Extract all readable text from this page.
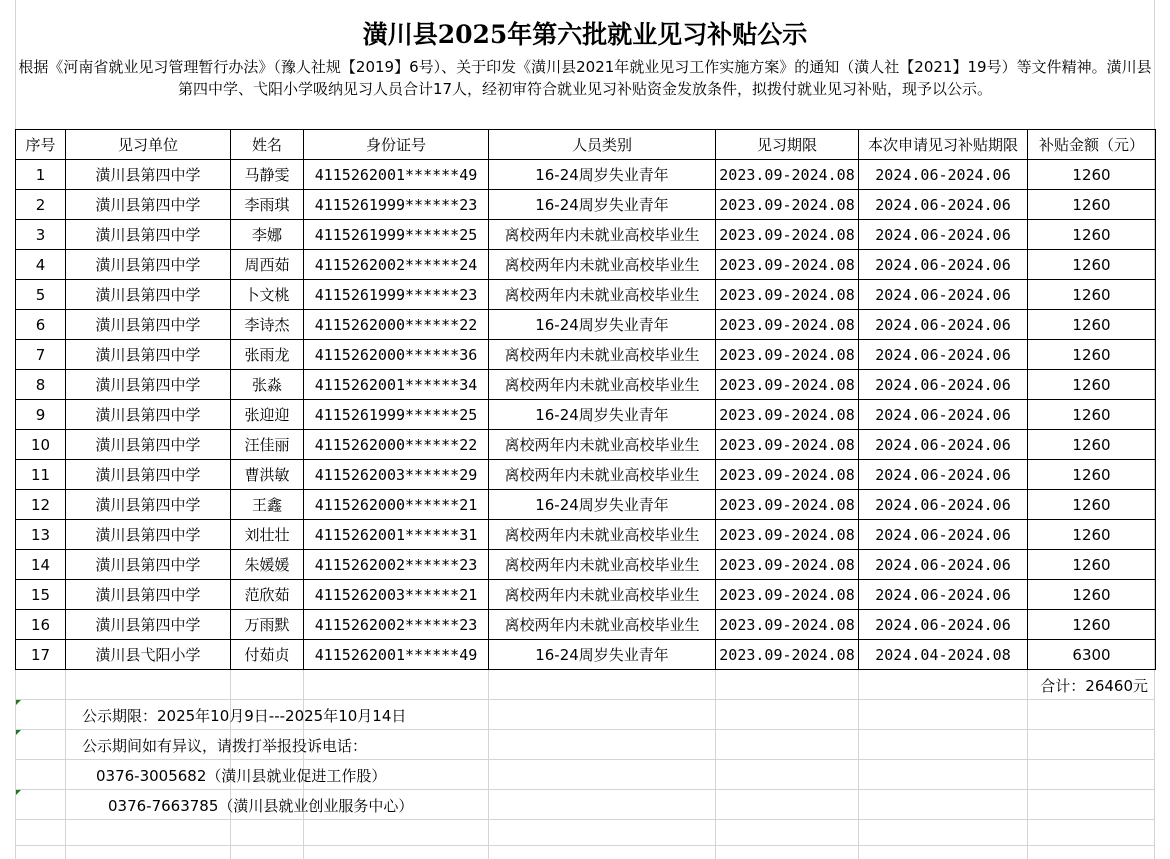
潢川县2025年第六批就业见习补贴公示
根据《河南省就业见习管理暂行办法》（豫人社规【2019】6号）、关于印发《潢川县2021年就业见习工作实施方案》的通知（潢人社【2021】19号）等文件精神。潢川县第四中学、弋阳小学吸纳见习人员合计17人，经初审符合就业见习补贴资金发放条件，拟拨付就业见习补贴，现予以公示。
序号	见习单位	姓名	身份证号	人员类别	见习期限	本次申请见习补贴期限	补贴金额（元）
1	潢川县第四中学	马静雯	4115262001******49	16-24周岁失业青年	2023.09-2024.08	2024.06-2024.06	1260
2	潢川县第四中学	李雨琪	4115261999******23	16-24周岁失业青年	2023.09-2024.08	2024.06-2024.06	1260
3	潢川县第四中学	李娜	4115261999******25	离校两年内未就业高校毕业生	2023.09-2024.08	2024.06-2024.06	1260
4	潢川县第四中学	周西茹	4115262002******24	离校两年内未就业高校毕业生	2023.09-2024.08	2024.06-2024.06	1260
5	潢川县第四中学	卜文桃	4115261999******23	离校两年内未就业高校毕业生	2023.09-2024.08	2024.06-2024.06	1260
6	潢川县第四中学	李诗杰	4115262000******22	16-24周岁失业青年	2023.09-2024.08	2024.06-2024.06	1260
7	潢川县第四中学	张雨龙	4115262000******36	离校两年内未就业高校毕业生	2023.09-2024.08	2024.06-2024.06	1260
8	潢川县第四中学	张淼	4115262001******34	离校两年内未就业高校毕业生	2023.09-2024.08	2024.06-2024.06	1260
9	潢川县第四中学	张迎迎	4115261999******25	16-24周岁失业青年	2023.09-2024.08	2024.06-2024.06	1260
10	潢川县第四中学	汪佳丽	4115262000******22	离校两年内未就业高校毕业生	2023.09-2024.08	2024.06-2024.06	1260
11	潢川县第四中学	曹洪敏	4115262003******29	离校两年内未就业高校毕业生	2023.09-2024.08	2024.06-2024.06	1260
12	潢川县第四中学	王鑫	4115262000******21	16-24周岁失业青年	2023.09-2024.08	2024.06-2024.06	1260
13	潢川县第四中学	刘壮壮	4115262001******31	离校两年内未就业高校毕业生	2023.09-2024.08	2024.06-2024.06	1260
14	潢川县第四中学	朱媛媛	4115262002******23	离校两年内未就业高校毕业生	2023.09-2024.08	2024.06-2024.06	1260
15	潢川县第四中学	范欣茹	4115262003******21	离校两年内未就业高校毕业生	2023.09-2024.08	2024.06-2024.06	1260
16	潢川县第四中学	万雨默	4115262002******23	离校两年内未就业高校毕业生	2023.09-2024.08	2024.06-2024.06	1260
17	潢川县弋阳小学	付茹贞	4115262001******49	16-24周岁失业青年	2023.09-2024.08	2024.04-2024.08	6300
合计：26460元
公示期限：2025年10月9日---2025年10月14日
公示期间如有异议，请拨打举报投诉电话：
0376-3005682（潢川县就业促进工作股）
0376-7663785（潢川县就业创业服务中心）
